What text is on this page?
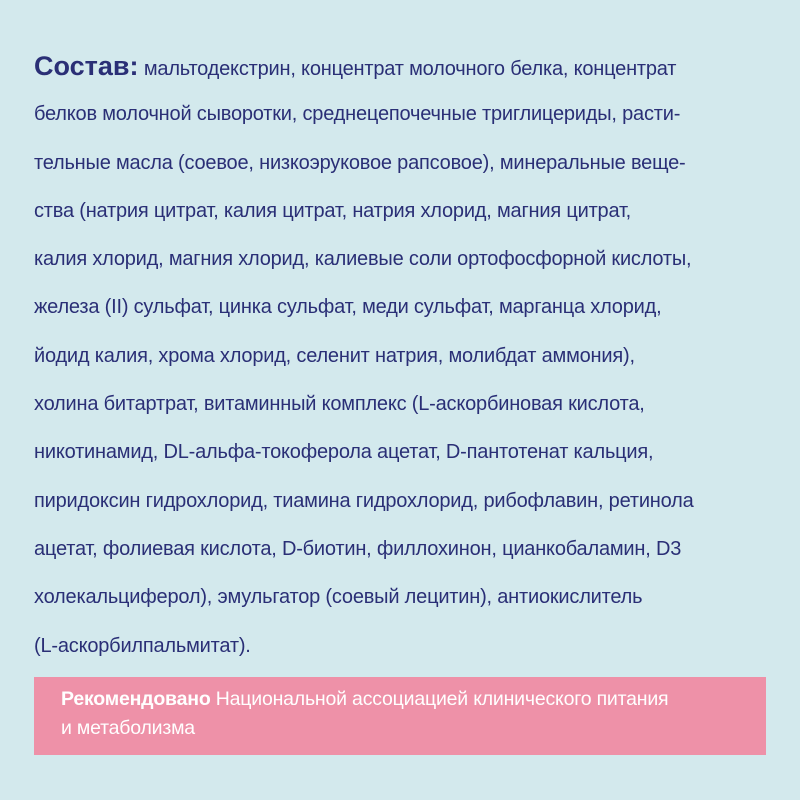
Состав: мальтодекстрин, концентрат молочного белка, концентрат
белков молочной сыворотки, среднецепочечные триглицериды, расти-
тельные масла (соевое, низкоэруковое рапсовое), минеральные веще-
ства (натрия цитрат, калия цитрат, натрия хлорид, магния цитрат,
калия хлорид, магния хлорид, калиевые соли ортофосфорной кислоты,
железа (II) сульфат, цинка сульфат, меди сульфат, марганца хлорид,
йодид калия, хрома хлорид, селенит натрия, молибдат аммония),
холина битартрат, витаминный комплекс (L-аскорбиновая кислота,
никотинамид, DL-альфа-токоферола ацетат, D-пантотенат кальция,
пиридоксин гидрохлорид, тиамина гидрохлорид, рибофлавин, ретинола
ацетат, фолиевая кислота, D-биотин, филлохинон, цианкобаламин, D3
холекальциферол), эмульгатор (соевый лецитин), антиокислитель
(L-аскорбилпальмитат).
Рекомендовано Национальной ассоциацией клинического питания
и метаболизма
